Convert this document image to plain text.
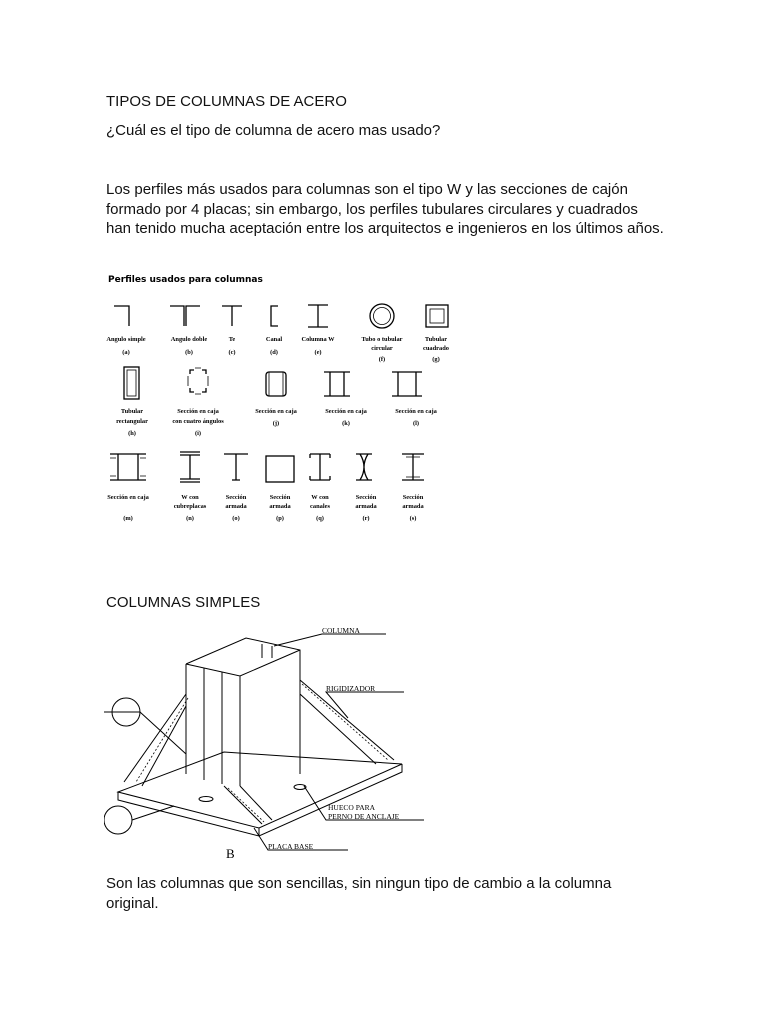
TIPOS DE COLUMNAS DE ACERO

¿Cuál es el tipo de columna de acero mas usado?

Los perfiles más usados para columnas son el tipo W y las secciones de cajón formado por 4 placas; sin embargo, los perfiles tubulares circulares y cuadrados han tenido mucha aceptación entre los arquitectos e ingenieros en los últimos años.

Perfiles usados para columnas
Angulo simple
(a)
Angulo doble
(b)
Te
(c)
Canal
(d)
Columna W
(e)
Tubo o tubular
circular
(f)
Tubular
cuadrado
(g)
Tubular
rectangular
(h)
Sección en caja
con cuatro ángulos
(i)
Sección en caja
(j)
Sección en caja
(k)
Sección en caja
(l)
Sección en caja
(m)
W con
cubreplacas
(n)
Sección
armada
(o)
Sección
armada
(p)
W con
canales
(q)
Sección
armada
(r)
Sección
armada
(s)

COLUMNAS SIMPLES

COLUMNA
RIGIDIZADOR
HUECO PARA
PERNO DE ANCLAJE
PLACA BASE
B

Son las columnas que son sencillas, sin ningun tipo de cambio a la columna original.
